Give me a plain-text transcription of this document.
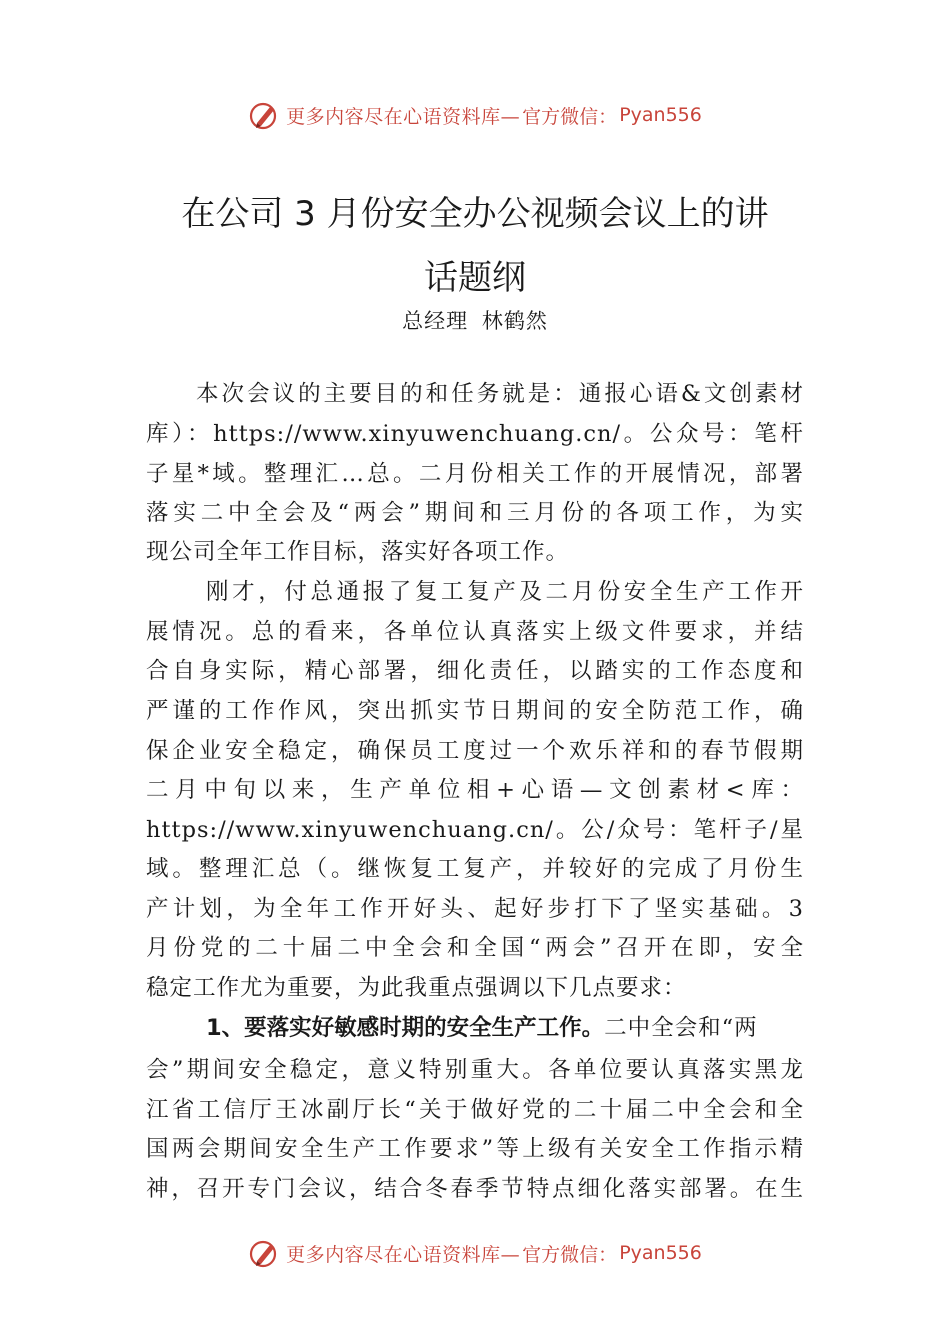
更多内容尽在心语资料库— 官方微信： Pyan556
在公司 3 月份安全办公视频会议上的讲
话题纲
总经理 林鹤然
本次会议的主要目的和任务就是：通报心语&文创素材
库）：https://www.xinyuwenchuang.cn/。公众号：笔杆
子星*域。整理汇…总。二月份相关工作的开展情况，部署
落实二中全会及“两会”期间和三月份的各项工作，为实
现公司全年工作目标，落实好各项工作。
刚才，付总通报了复工复产及二月份安全生产工作开
展情况。总的看来，各单位认真落实上级文件要求，并结
合自身实际，精心部署，细化责任，以踏实的工作态度和
严谨的工作作风，突出抓实节日期间的安全防范工作，确
保企业安全稳定，确保员工度过一个欢乐祥和的春节假期
二月中旬以来，生产单位相+心语—文创素材<库：
https://www.xinyuwenchuang.cn/。公/众号：笔杆子/星
域。整理汇总（。继恢复工复产，并较好的完成了月份生
产计划，为全年工作开好头、起好步打下了坚实基础。3
月份党的二十届二中全会和全国“两会”召开在即，安全
稳定工作尤为重要，为此我重点强调以下几点要求：
1、要落实好敏感时期的安全生产工作。二中全会和“两
会”期间安全稳定，意义特别重大。各单位要认真落实黑龙
江省工信厅王冰副厅长“关于做好党的二十届二中全会和全
国两会期间安全生产工作要求”等上级有关安全工作指示精
神，召开专门会议，结合冬春季节特点细化落实部署。在生
更多内容尽在心语资料库— 官方微信： Pyan556
